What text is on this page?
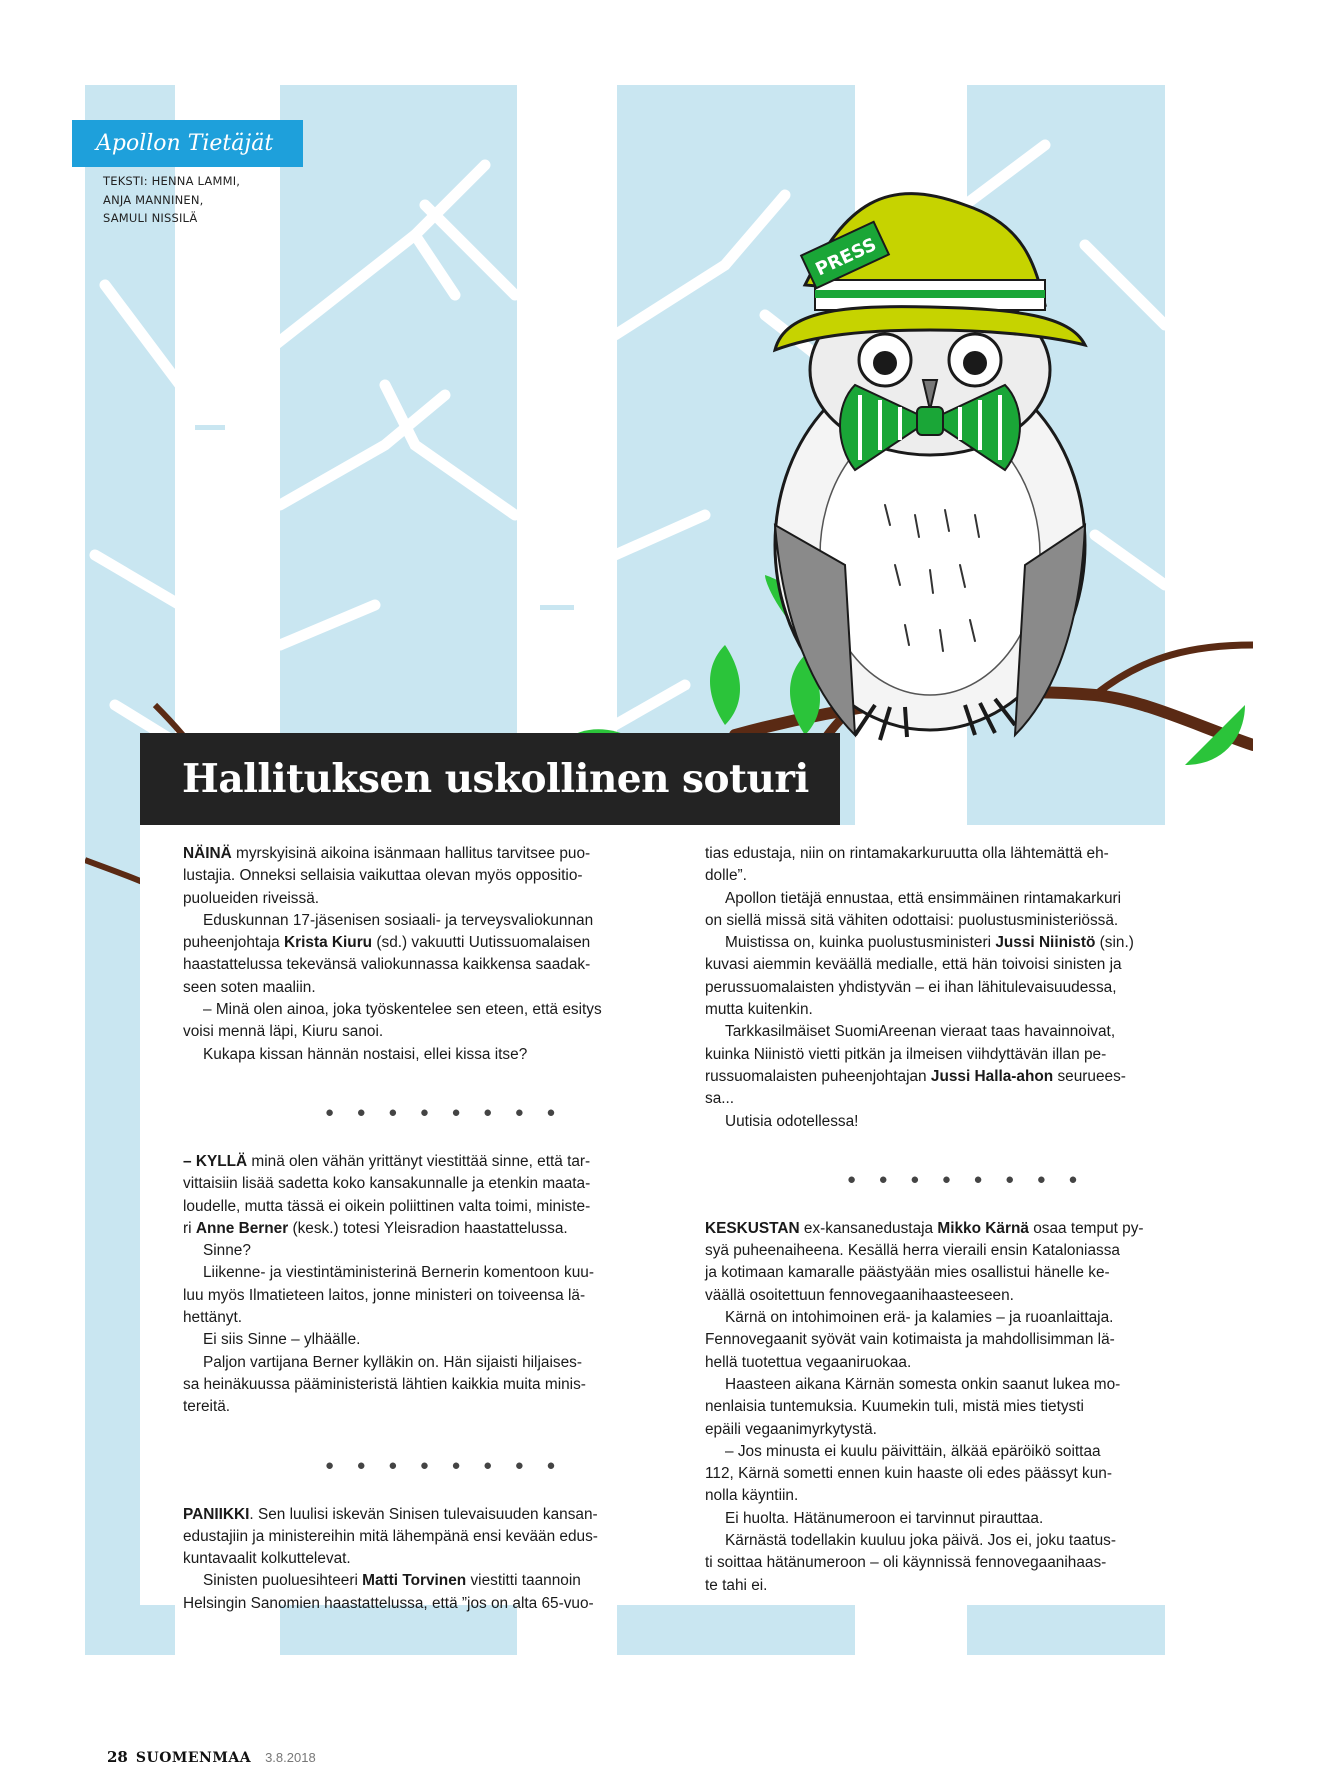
PRESS
Apollon Tietäjät
TEKSTI: HENNA LAMMI,
ANJA MANNINEN,
SAMULI NISSILÄ
Hallituksen uskollinen soturi
NÄINÄ myrskyisinä aikoina isänmaan hallitus tarvitsee puo-
lustajia. Onneksi sellaisia vaikuttaa olevan myös oppositio-
puolueiden riveissä.
Eduskunnan 17-jäsenisen sosiaali- ja terveysvaliokunnan
puheenjohtaja Krista Kiuru (sd.) vakuutti Uutissuomalaisen
haastattelussa tekevänsä valiokunnassa kaikkensa saadak-
seen soten maaliin.
– Minä olen ainoa, joka työskentelee sen eteen, että esitys
voisi mennä läpi, Kiuru sanoi.
Kukapa kissan hännän nostaisi, ellei kissa itse?
● ● ● ● ● ● ● ●
– KYLLÄ minä olen vähän yrittänyt viestittää sinne, että tar-
vittaisiin lisää sadetta koko kansakunnalle ja etenkin maata-
loudelle, mutta tässä ei oikein poliittinen valta toimi, ministe-
ri Anne Berner (kesk.) totesi Yleisradion haastattelussa.
Sinne?
Liikenne- ja viestintäministerinä Bernerin komentoon kuu-
luu myös Ilmatieteen laitos, jonne ministeri on toiveensa lä-
hettänyt.
Ei siis Sinne – ylhäälle.
Paljon vartijana Berner kylläkin on. Hän sijaisti hiljaises-
sa heinäkuussa pääministeristä lähtien kaikkia muita minis-
tereitä.
● ● ● ● ● ● ● ●
PANIIKKI. Sen luulisi iskevän Sinisen tulevaisuuden kansan-
edustajiin ja ministereihin mitä lähempänä ensi kevään edus-
kuntavaalit kolkuttelevat.
Sinisten puoluesihteeri Matti Torvinen viestitti taannoin
Helsingin Sanomien haastattelussa, että ”jos on alta 65-vuo-
tias edustaja, niin on rintamakarkuruutta olla lähtemättä eh-
dolle”.
Apollon tietäjä ennustaa, että ensimmäinen rintamakarkuri
on siellä missä sitä vähiten odottaisi: puolustusministeriössä.
Muistissa on, kuinka puolustusministeri Jussi Niinistö (sin.)
kuvasi aiemmin keväällä medialle, että hän toivoisi sinisten ja
perussuomalaisten yhdistyvän – ei ihan lähitulevaisuudessa,
mutta kuitenkin.
Tarkkasilmäiset SuomiAreenan vieraat taas havainnoivat,
kuinka Niinistö vietti pitkän ja ilmeisen viihdyttävän illan pe-
russuomalaisten puheenjohtajan Jussi Halla-ahon seuruees-
sa...
Uutisia odotellessa!
● ● ● ● ● ● ● ●
KESKUSTAN ex-kansanedustaja Mikko Kärnä osaa temput py-
syä puheenaiheena. Kesällä herra vieraili ensin Kataloniassa
ja kotimaan kamaralle päästyään mies osallistui hänelle ke-
väällä osoitettuun fennovegaanihaasteeseen.
Kärnä on intohimoinen erä- ja kalamies – ja ruoanlaittaja.
Fennovegaanit syövät vain kotimaista ja mahdollisimman lä-
hellä tuotettua vegaaniruokaa.
Haasteen aikana Kärnän somesta onkin saanut lukea mo-
nenlaisia tuntemuksia. Kuumekin tuli, mistä mies tietysti
epäili vegaanimyrkytystä.
– Jos minusta ei kuulu päivittäin, älkää epäröikö soittaa
112, Kärnä sometti ennen kuin haaste oli edes päässyt kun-
nolla käyntiin.
Ei huolta. Hätänumeroon ei tarvinnut pirauttaa.
Kärnästä todellakin kuuluu joka päivä. Jos ei, joku taatus-
ti soittaa hätänumeroon – oli käynnissä fennovegaanihaas-
te tahi ei.
28 SUOMENMAA 3.8.2018
